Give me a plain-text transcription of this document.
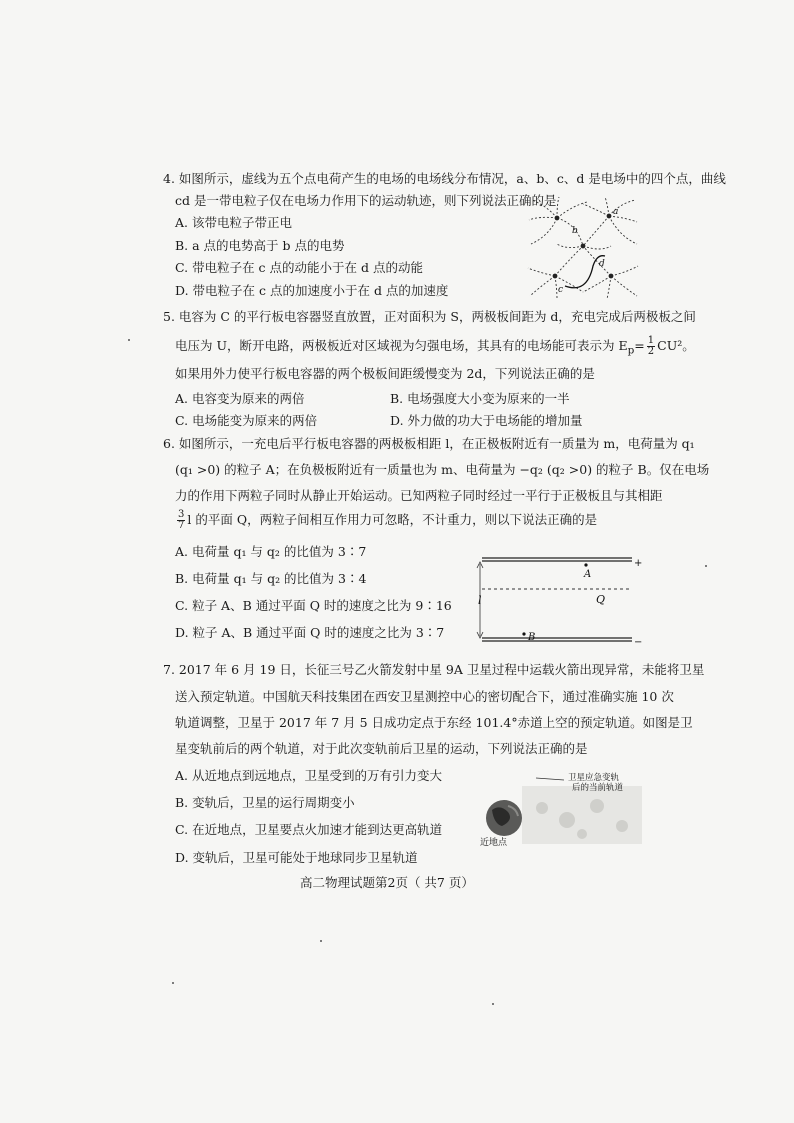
4. 如图所示，虚线为五个点电荷产生的电场的电场线分布情况，a、b、c、d 是电场中的四个点，曲线
cd 是一带电粒子仅在电场力作用下的运动轨迹，则下列说法正确的是
A. 该带电粒子带正电
B. a 点的电势高于 b 点的电势
C. 带电粒子在 c 点的动能小于在 d 点的动能
D. 带电粒子在 c 点的加速度小于在 d 点的加速度
a
b
c
d
5. 电容为 C 的平行板电容器竖直放置，正对面积为 S，两极板间距为 d，充电完成后两极板之间
电压为 U，断开电路，两极板近对区域视为匀强电场，其具有的电场能可表示为 $E_p= \frac{1}{2} CU^2$。
如果用外力使平行板电容器的两个极板间距缓慢变为 2d，下列说法正确的是
A. 电容变为原来的两倍	B. 电场强度大小变为原来的一半
C. 电场能变为原来的两倍	D. 外力做的功大于电场能的增加量
6. 如图所示，一充电后平行板电容器的两极板相距 l，在正极板附近有一质量为 m，电荷量为 q₁
(q₁ >0) 的粒子 A；在负极板附近有一质量也为 m、电荷量为 −q₂ (q₂ >0) 的粒子 B。仅在电场
力的作用下两粒子同时从静止开始运动。已知两粒子同时经过一平行于正极板且与其相距
$\frac{3}{7}$ l 的平面 Q，两粒子间相互作用力可忽略，不计重力，则以下说法正确的是
A. 电荷量 q₁ 与 q₂ 的比值为 3∶7
B. 电荷量 q₁ 与 q₂ 的比值为 3∶4
C. 粒子 A、B 通过平面 Q 时的速度之比为 9∶16
D. 粒子 A、B 通过平面 Q 时的速度之比为 3∶7
A
B
Q
l
+
−
7. 2017 年 6 月 19 日，长征三号乙火箭发射中星 9A 卫星过程中运载火箭出现异常，未能将卫星
送入预定轨道。中国航天科技集团在西安卫星测控中心的密切配合下，通过准确实施 10 次
轨道调整，卫星于 2017 年 7 月 5 日成功定点于东经 101.4°赤道上空的预定轨道。如图是卫
星变轨前后的两个轨道，对于此次变轨前后卫星的运动，下列说法正确的是
A. 从近地点到远地点，卫星受到的万有引力变大
B. 变轨后，卫星的运行周期变小
C. 在近地点，卫星要点火加速才能到达更高轨道
D. 变轨后，卫星可能处于地球同步卫星轨道
卫星应急变轨
后的当前轨道
近地点
高二物理试题第2页（ 共7 页）
